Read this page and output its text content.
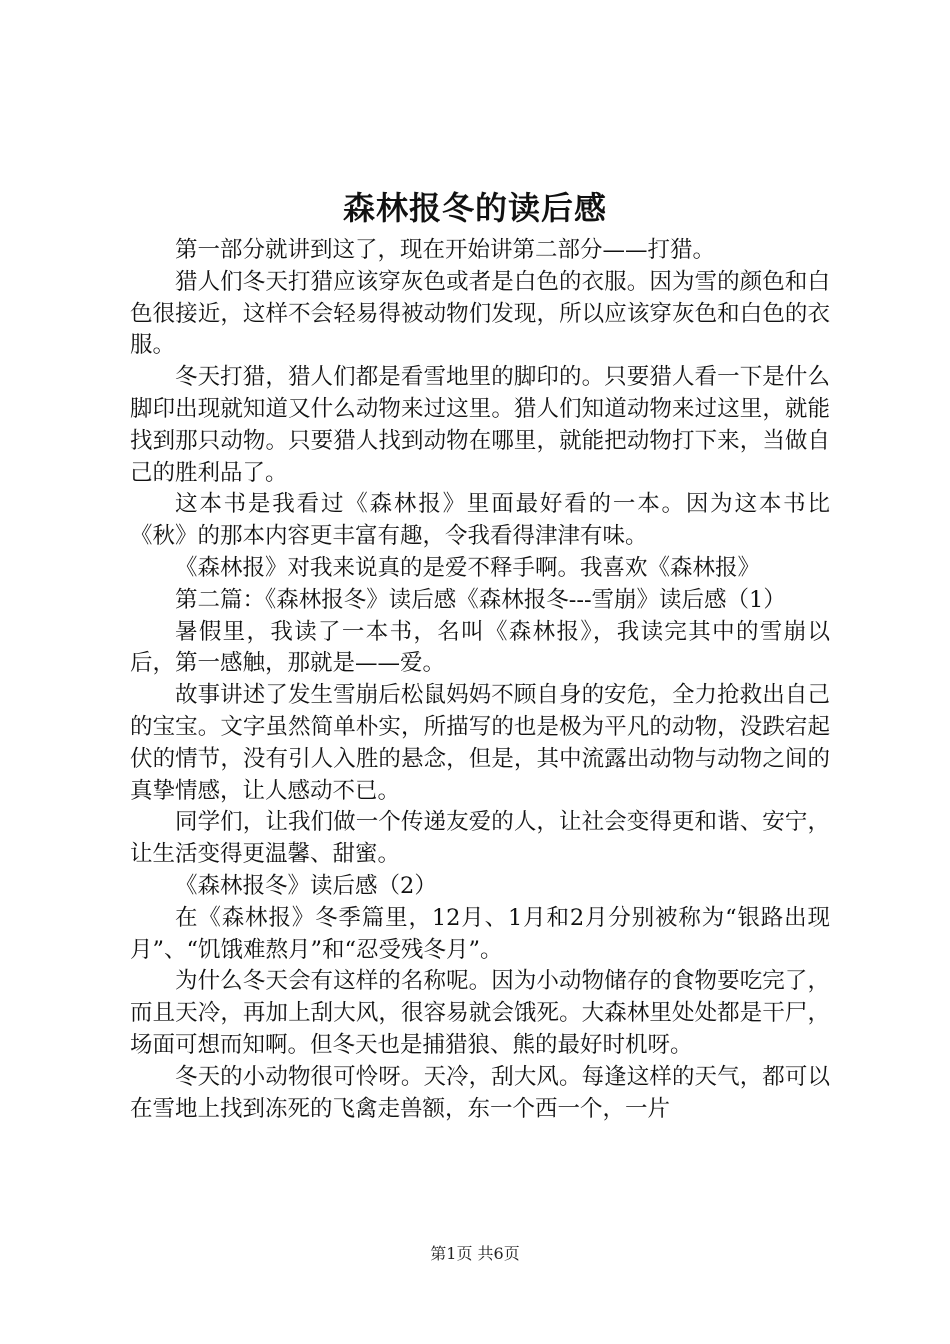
森林报冬的读后感

第一部分就讲到这了，现在开始讲第二部分——打猎。

猎人们冬天打猎应该穿灰色或者是白色的衣服。因为雪的颜色和白色很接近，这样不会轻易得被动物们发现，所以应该穿灰色和白色的衣服。

冬天打猎，猎人们都是看雪地里的脚印的。只要猎人看一下是什么脚印出现就知道又什么动物来过这里。猎人们知道动物来过这里，就能找到那只动物。只要猎人找到动物在哪里，就能把动物打下来，当做自己的胜利品了。

这本书是我看过《森林报》里面最好看的一本。因为这本书比《秋》的那本内容更丰富有趣，令我看得津津有味。

《森林报》对我来说真的是爱不释手啊。我喜欢《森林报》

第二篇：《森林报冬》读后感《森林报冬---雪崩》读后感（1）

暑假里，我读了一本书，名叫《森林报》，我读完其中的雪崩以后，第一感触，那就是——爱。

故事讲述了发生雪崩后松鼠妈妈不顾自身的安危，全力抢救出自己的宝宝。文字虽然简单朴实，所描写的也是极为平凡的动物，没跌宕起伏的情节，没有引人入胜的悬念，但是，其中流露出动物与动物之间的真挚情感，让人感动不已。

同学们，让我们做一个传递友爱的人，让社会变得更和谐、安宁，让生活变得更温馨、甜蜜。

《森林报冬》读后感（2）

在《森林报》冬季篇里，12月、1月和2月分别被称为“银路出现月”、“饥饿难熬月”和“忍受残冬月”。

为什么冬天会有这样的名称呢。因为小动物储存的食物要吃完了，而且天冷，再加上刮大风，很容易就会饿死。大森林里处处都是干尸，场面可想而知啊。但冬天也是捕猎狼、熊的最好时机呀。

冬天的小动物很可怜呀。天冷，刮大风。每逢这样的天气，都可以在雪地上找到冻死的飞禽走兽额，东一个西一个，一片

第1页 共6页
